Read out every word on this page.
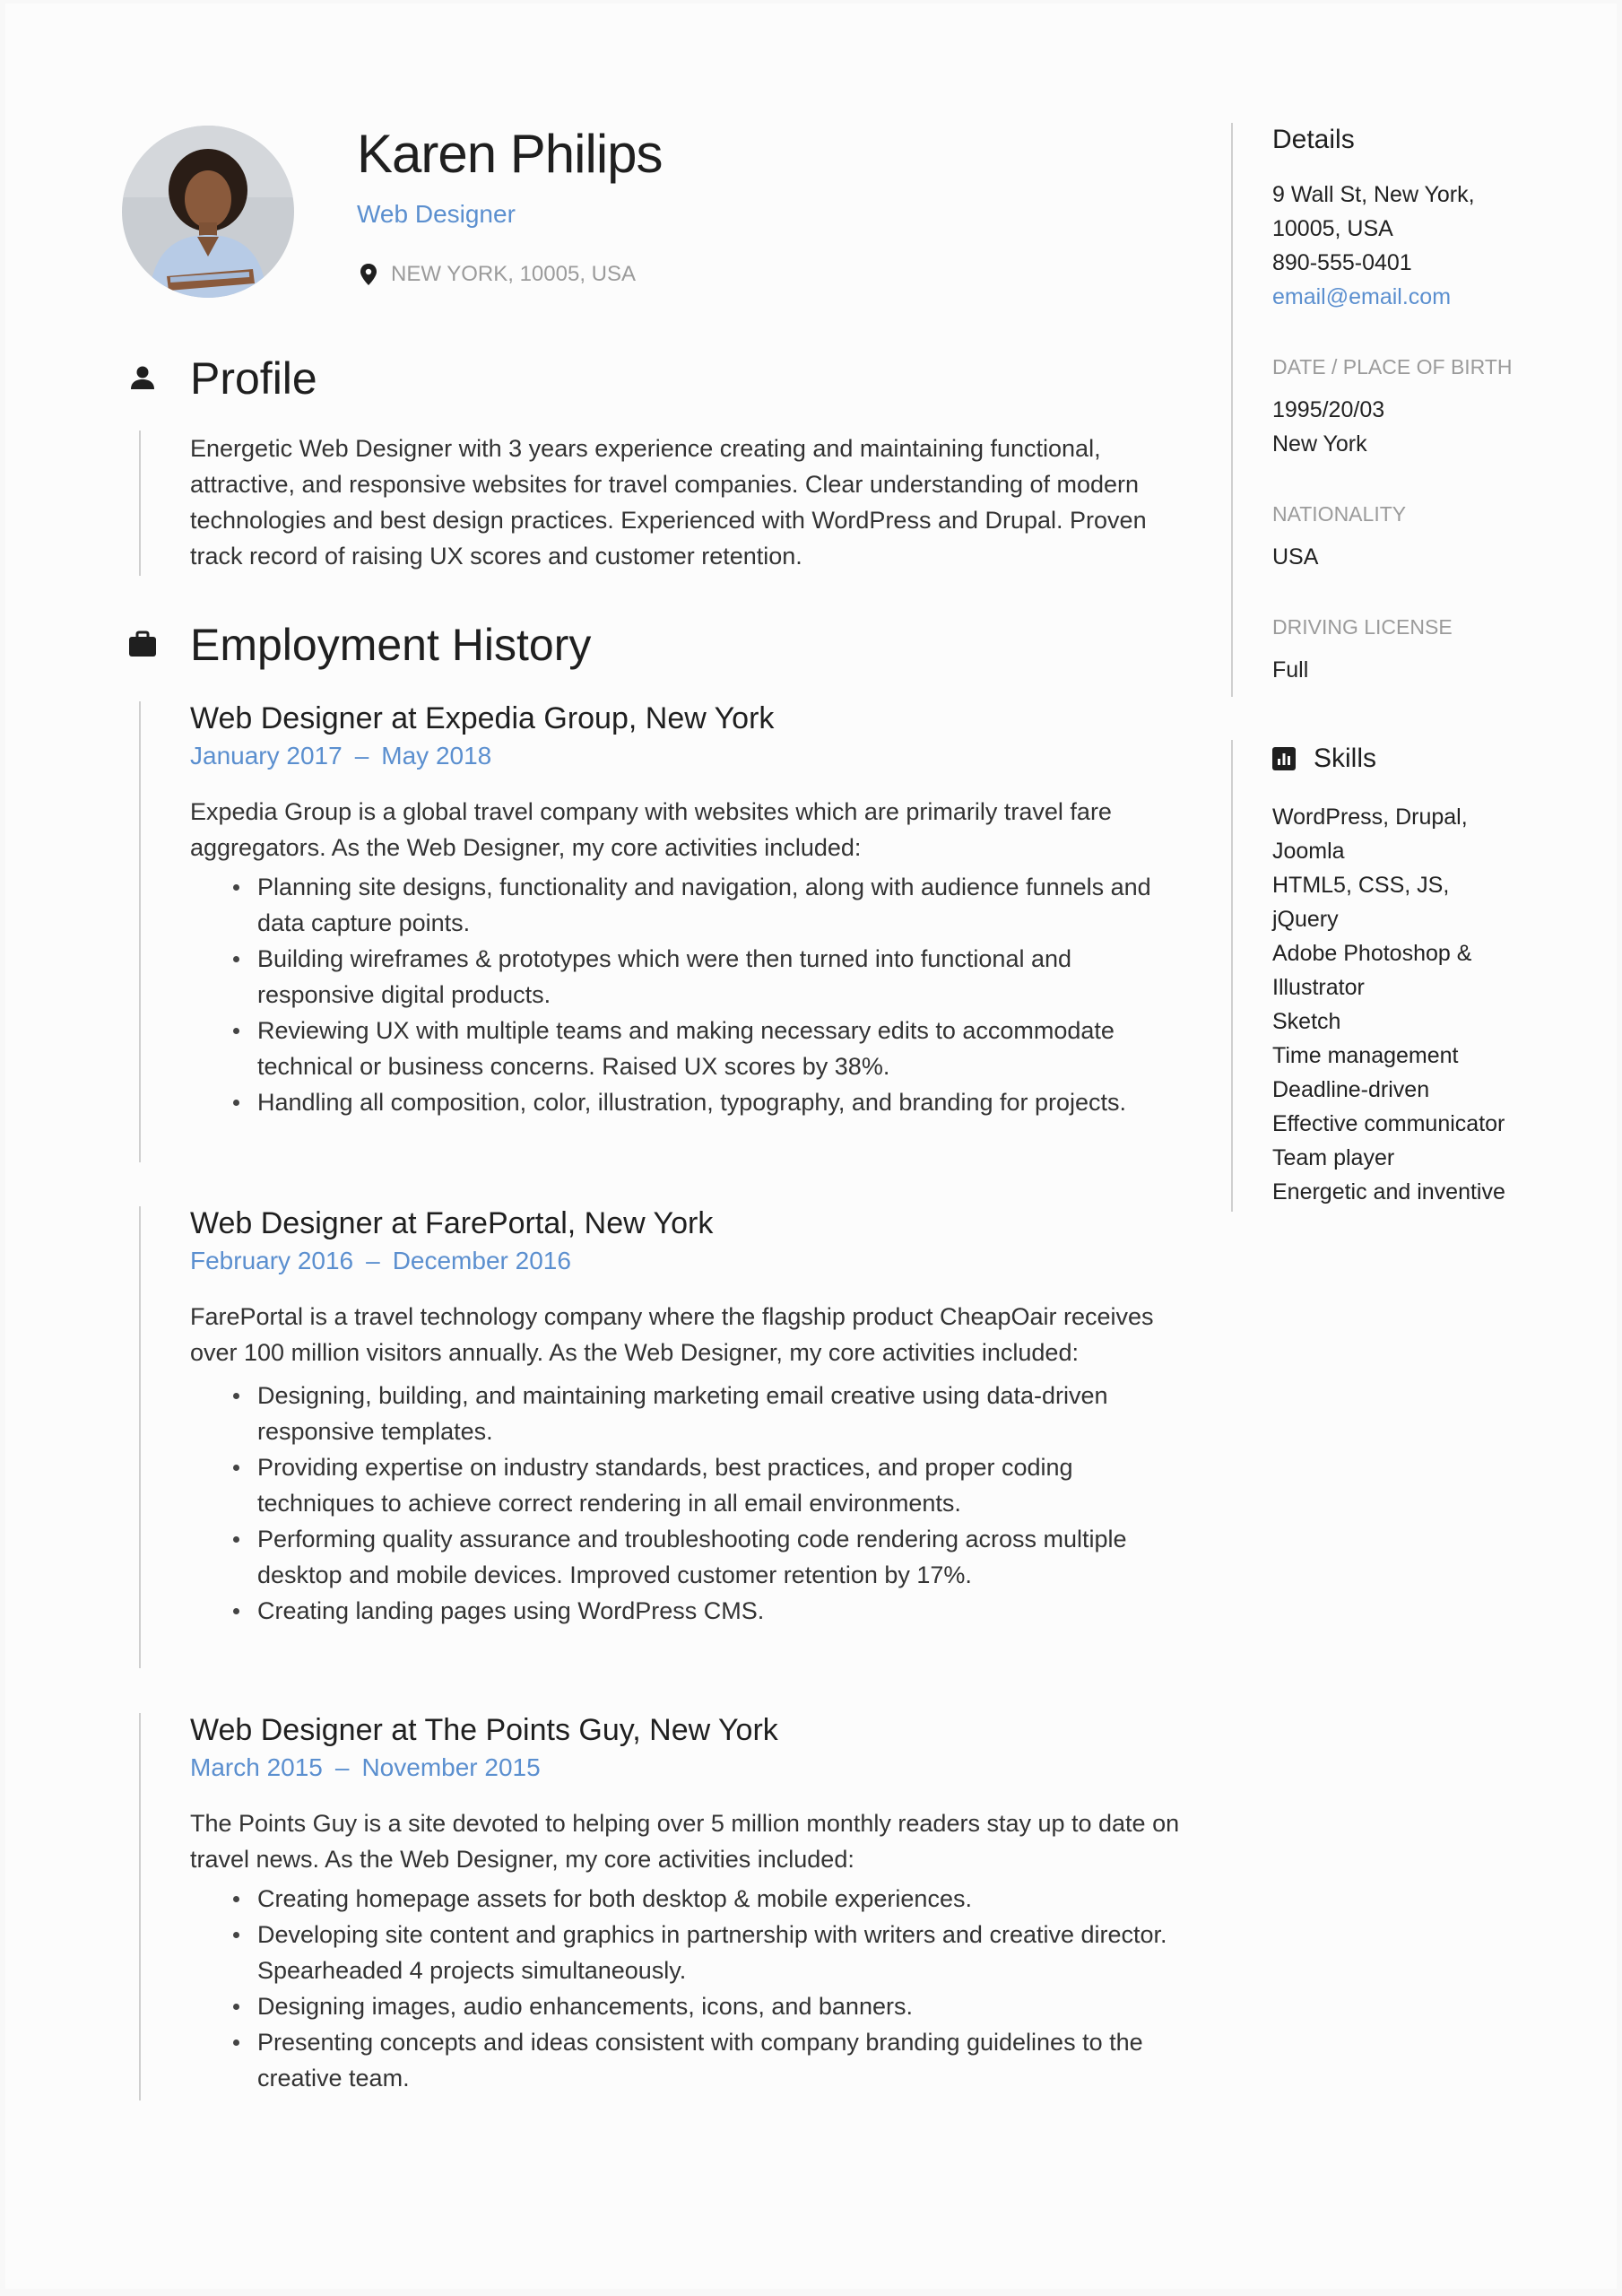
Karen Philips
Web Designer
NEW YORK, 10005, USA
Profile
Energetic Web Designer with 3 years experience creating and maintaining functional, attractive, and responsive websites for travel companies. Clear understanding of modern technologies and best design practices. Experienced with WordPress and Drupal. Proven track record of raising UX scores and customer retention.
Employment History
Web Designer at Expedia Group, New York
January 2017 – May 2018
Expedia Group is a global travel company with websites which are primarily travel fare aggregators. As the Web Designer, my core activities included:
Planning site designs, functionality and navigation, along with audience funnels and data capture points.
Building wireframes & prototypes which were then turned into functional and responsive digital products.
Reviewing UX with multiple teams and making necessary edits to accommodate technical or business concerns. Raised UX scores by 38%.
Handling all composition, color, illustration, typography, and branding for projects.
Web Designer at FarePortal, New York
February 2016 – December 2016
FarePortal is a travel technology company where the flagship product CheapOair receives over 100 million visitors annually. As the Web Designer, my core activities included:
Designing, building, and maintaining marketing email creative using data-driven responsive templates.
Providing expertise on industry standards, best practices, and proper coding techniques to achieve correct rendering in all email environments.
Performing quality assurance and troubleshooting code rendering across multiple desktop and mobile devices. Improved customer retention by 17%.
Creating landing pages using WordPress CMS.
Web Designer at The Points Guy, New York
March 2015 – November 2015
The Points Guy is a site devoted to helping over 5 million monthly readers stay up to date on travel news. As the Web Designer, my core activities included:
Creating homepage assets for both desktop & mobile experiences.
Developing site content and graphics in partnership with writers and creative director. Spearheaded 4 projects simultaneously.
Designing images, audio enhancements, icons, and banners.
Presenting concepts and ideas consistent with company branding guidelines to the creative team.
Details
9 Wall St, New York,
10005, USA
890-555-0401
email@email.com
DATE / PLACE OF BIRTH
1995/20/03
New York
NATIONALITY
USA
DRIVING LICENSE
Full
Skills
WordPress, Drupal,
Joomla
HTML5, CSS, JS,
jQuery
Adobe Photoshop &
Illustrator
Sketch
Time management
Deadline-driven
Effective communicator
Team player
Energetic and inventive
